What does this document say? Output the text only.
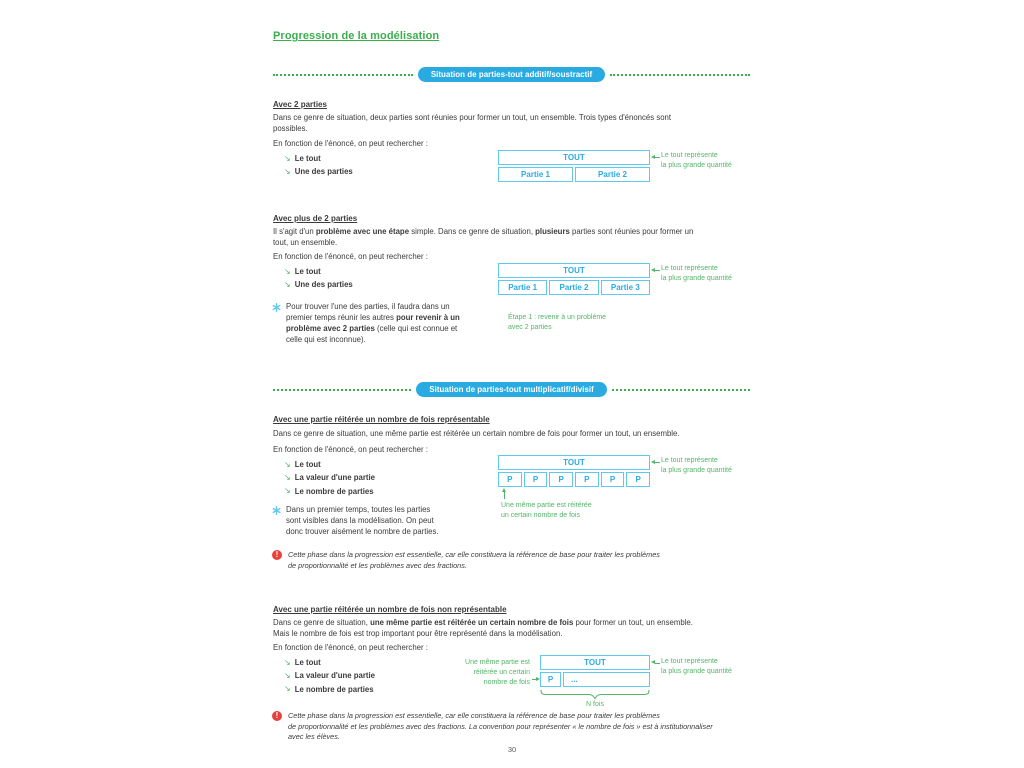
Progression de la modélisation
Situation de parties-tout additif/soustractif
Avec 2 parties
Dans ce genre de situation, deux parties sont réunies pour former un tout, un ensemble. Trois types d'énoncés sont
possibles.
En fonction de l'énoncé, on peut rechercher :
↘ Le tout
↘ Une des parties
TOUT
Partie 1	Partie 2
Le tout représente
la plus grande quantité
Avec plus de 2 parties
Il s'agit d'un problème avec une étape simple. Dans ce genre de situation, plusieurs parties sont réunies pour former un
tout, un ensemble.
En fonction de l'énoncé, on peut rechercher :
↘ Le tout
↘ Une des parties
TOUT
Partie 1	Partie 2	Partie 3
Le tout représente
la plus grande quantité
Pour trouver l'une des parties, il faudra dans un
premier temps réunir les autres pour revenir à un
problème avec 2 parties (celle qui est connue et
celle qui est inconnue).
Étape 1 : revenir à un problème
avec 2 parties
Situation de parties-tout multiplicatif/divisif
Avec une partie réitérée un nombre de fois représentable
Dans ce genre de situation, une même partie est réitérée un certain nombre de fois pour former un tout, un ensemble.
En fonction de l'énoncé, on peut rechercher :
↘ Le tout
↘ La valeur d'une partie
↘ Le nombre de parties
TOUT
P	P	P	P	P	P
Le tout représente
la plus grande quantité
Une même partie est réitérée
un certain nombre de fois
Dans un premier temps, toutes les parties
sont visibles dans la modélisation. On peut
donc trouver aisément le nombre de parties.
!	Cette phase dans la progression est essentielle, car elle constituera la référence de base pour traiter les problèmes
de proportionnalité et les problèmes avec des fractions.
Avec une partie réitérée un nombre de fois non représentable
Dans ce genre de situation, une même partie est réitérée un certain nombre de fois pour former un tout, un ensemble.
Mais le nombre de fois est trop important pour être représenté dans la modélisation.
En fonction de l'énoncé, on peut rechercher :
↘ Le tout
↘ La valeur d'une partie
↘ Le nombre de parties
Une même partie est
réitérée un certain
nombre de fois
TOUT
P	...
N fois
Le tout représente
la plus grande quantité
!	Cette phase dans la progression est essentielle, car elle constituera la référence de base pour traiter les problèmes
de proportionnalité et les problèmes avec des fractions. La convention pour représenter « le nombre de fois » est à institutionnaliser
avec les élèves.
30
